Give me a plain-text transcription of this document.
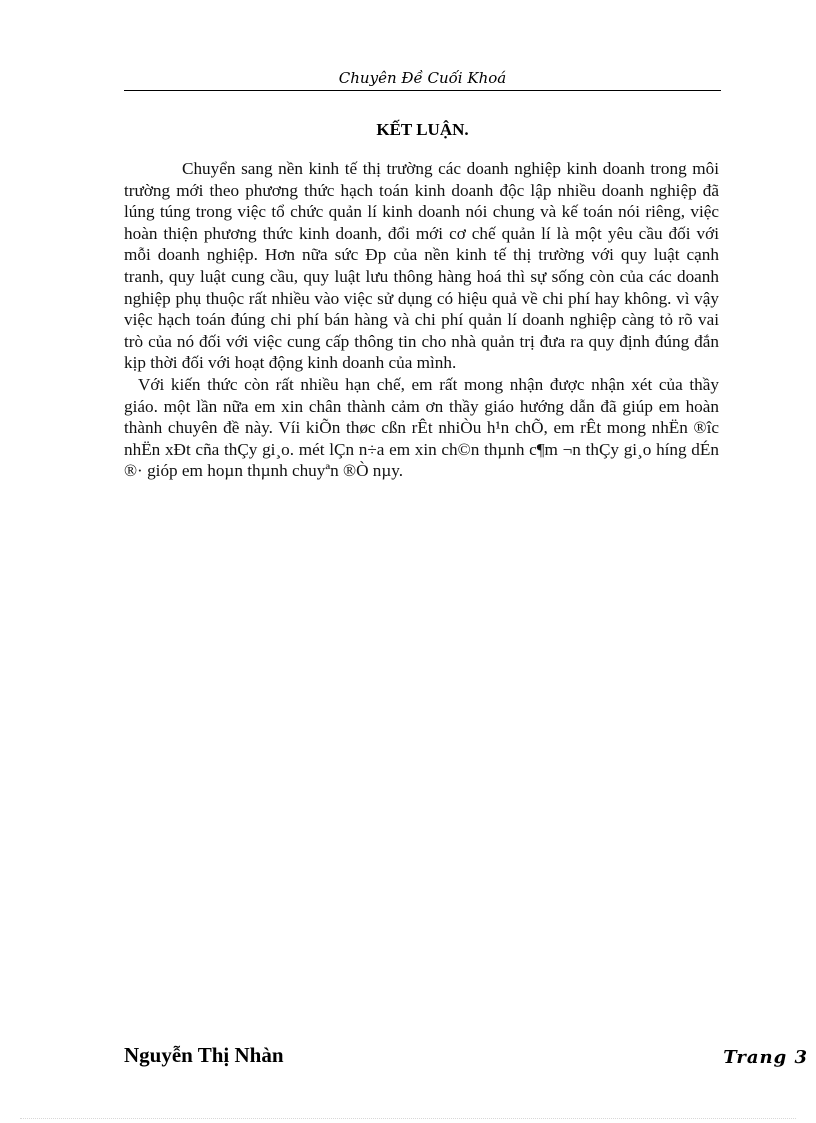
Chuyên Đề Cuối Khoá
KẾT LUẬN.

Chuyển sang nền kinh tế thị trường các doanh nghiệp kinh doanh trong môi trường mới theo phương thức hạch toán kinh doanh độc lập nhiều doanh nghiệp đã lúng túng trong việc tổ chức quản lí kinh doanh nói chung và kế toán nói riêng, việc hoàn thiện phương thức kinh doanh, đổi mới cơ chế quản lí là một yêu cầu đối với mỗi doanh nghiệp. Hơn nữa sức Đp của nền kinh tế thị trường với quy luật cạnh tranh, quy luật cung cầu, quy luật lưu thông hàng hoá thì sự sống còn của các doanh nghiệp phụ thuộc rất nhiều vào việc sử dụng có hiệu quả về chi phí hay không. vì vậy việc hạch toán đúng chi phí bán hàng và chi phí quản lí doanh nghiệp càng tỏ rõ vai trò của nó đối với việc cung cấp thông tin cho nhà quản trị đưa ra quy định đúng đắn kịp thời đối với hoạt động kinh doanh của mình.

Với kiến thức còn rất nhiều hạn chế, em rất mong nhận được nhận xét của thầy giáo. một lần nữa em xin chân thành cảm ơn thầy giáo hướng dẫn đã giúp em hoàn thành chuyên đề này. Víi kiÕn thøc cßn rÊt nhiÒu h¹n chÕ, em rÊt mong nhËn ®îc nhËn xÐt cña thÇy gi¸o. mét lÇn n÷a em xin ch©n thµnh c¶m ¬n thÇy gi¸o híng dÉn ®· gióp em hoµn thµnh chuyªn ®Ò nµy.

Nguyễn Thị Nhàn	Trang 3
